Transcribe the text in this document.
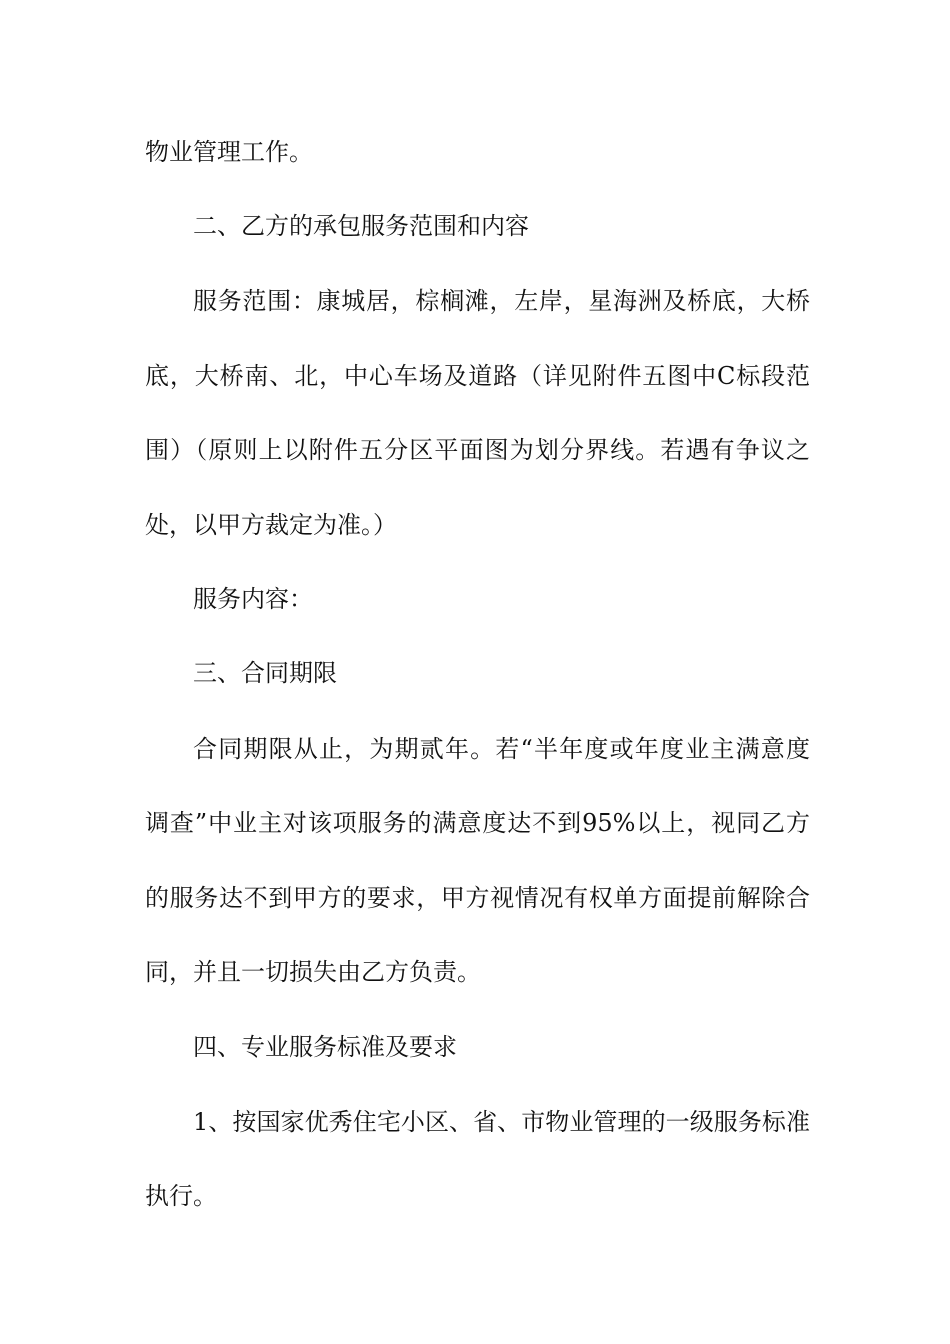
物业管理工作。
二、乙方的承包服务范围和内容
服务范围：康城居，棕榈滩，左岸，星海洲及桥底，大桥
底，大桥南、北，中心车场及道路（详见附件五图中C标段范
围）（原则上以附件五分区平面图为划分界线。若遇有争议之
处，以甲方裁定为准。）
服务内容：
三、合同期限
合同期限从止，为期贰年。若“半年度或年度业主满意度
调查”中业主对该项服务的满意度达不到95%以上，视同乙方
的服务达不到甲方的要求，甲方视情况有权单方面提前解除合
同，并且一切损失由乙方负责。
四、专业服务标准及要求
1、按国家优秀住宅小区、省、市物业管理的一级服务标准
执行。
